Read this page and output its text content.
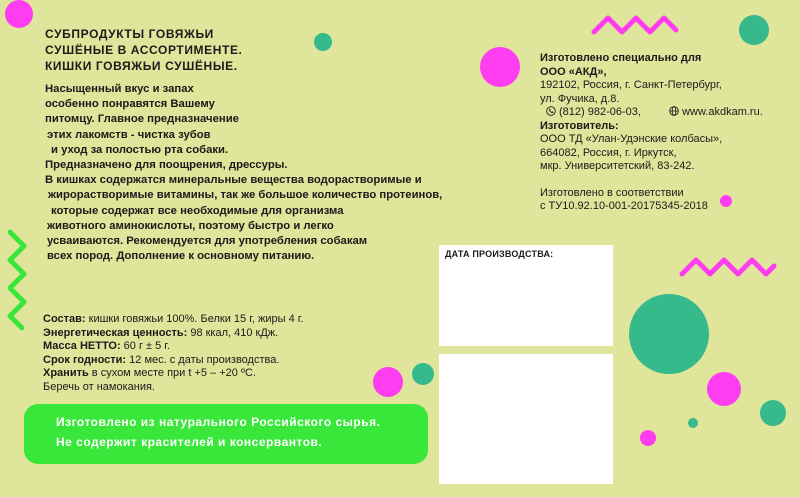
СУБПРОДУКТЫ ГОВЯЖЬИ
СУШЁНЫЕ В АССОРТИМЕНТЕ.
КИШКИ ГОВЯЖЬИ СУШЁНЫЕ.
Насыщенный вкус и запах
особенно понравятся Вашему
питомцу. Главное предназначение
этих лакомств - чистка зубов
и уход за полостью рта собаки.
Предназначено для поощрения, дрессуры.
В кишках содержатся минеральные вещества водорастворимые и
жирорастворимые витамины, так же большое количество протеинов,
которые содержат все необходимые для организма
животного аминокислоты, поэтому быстро и легко
усваиваются. Рекомендуется для употребления собакам
всех пород. Дополнение к основному питанию.
Состав: кишки говяжьи 100%. Белки 15 г, жиры 4 г.
Энергетическая ценность: 98 ккал, 410 кДж.
Масса НЕТТО: 60 г ± 5 г.
Срок годности: 12 мес. с даты производства.
Хранить в сухом месте при t +5 – +20 ºС.
Беречь от намокания.
Изготовлено из натурального Российского сырья.
Не содержит красителей и консервантов.
Изготовлено специально для
ООО «АКД»,
192102, Россия, г. Санкт-Петербург,
ул. Фучика, д.8.
(812) 982-06-03,	www.akdkam.ru.
Изготовитель:
ООО ТД «Улан-Удэнские колбасы»,
664082, Россия, г. Иркутск,
мкр. Университетский, 83-242.
Изготовлено в соответствии
с ТУ10.92.10-001-20175345-2018
ДАТА ПРОИЗВОДСТВА:
